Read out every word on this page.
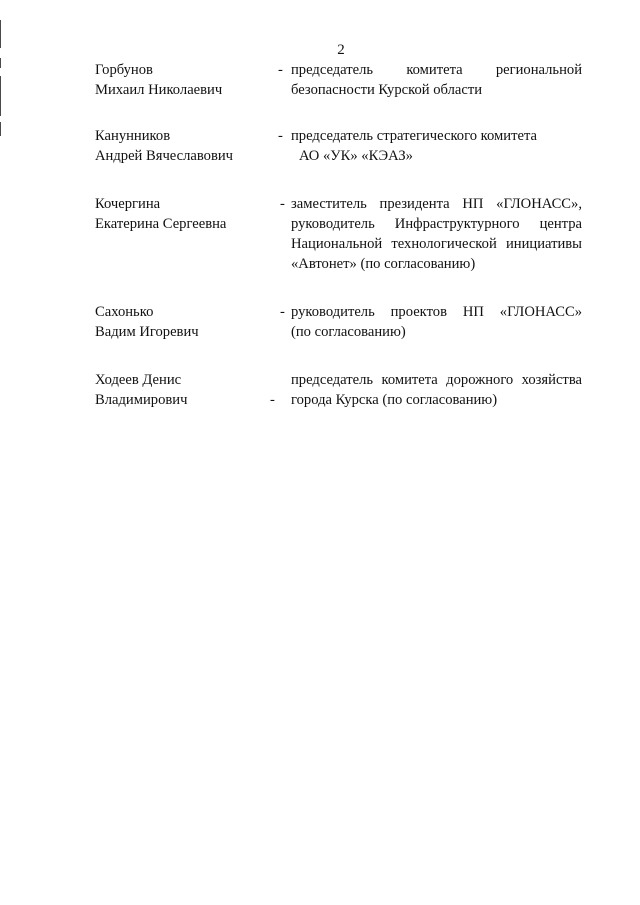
2
Горбунов
Михаил Николаевич
- председатель комитета региональной
безопасности Курской области
Канунников
Андрей Вячеславович
- председатель стратегического комитета
АО «УК» «КЭАЗ»
Кочергина
Екатерина Сергеевна
- заместитель президента НП «ГЛОНАСС»,
руководитель Инфраструктурного центра
Национальной технологической инициативы
«Автонет» (по согласованию)
Сахонько
Вадим Игоревич
- руководитель проектов НП «ГЛОНАСС»
(по согласованию)
Ходеев Денис
Владимирович	-
председатель комитета дорожного хозяйства
города Курска (по согласованию)
